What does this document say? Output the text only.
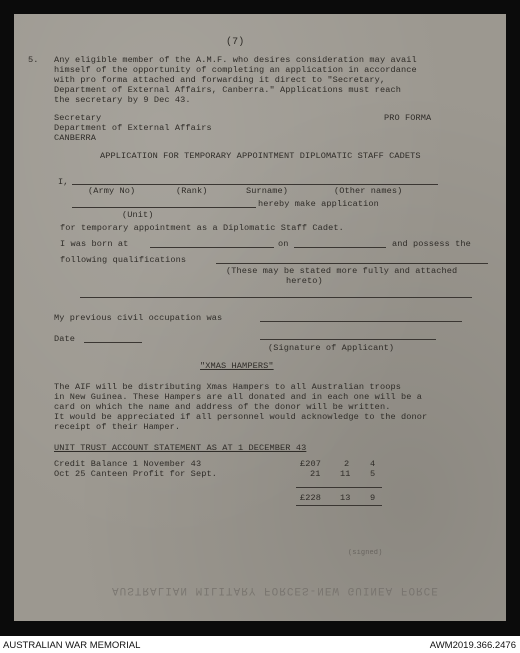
(7)
5. Any eligible member of the A.M.F. who desires consideration may avail
himself of the opportunity of completing an application in accordance
with pro forma attached and forwarding it direct to "Secretary,
Department of External Affairs, Canberra." Applications must reach
the secretary by 9 Dec 43.
Secretary
Department of External Affairs
CANBERRA
PRO FORMA
APPLICATION FOR TEMPORARY APPOINTMENT DIPLOMATIC STAFF CADETS
I,
(Army No)	(Rank)	Surname)	(Other names)
hereby make application
(Unit)
for temporary appointment as a Diplomatic Staff Cadet.
I was born at	on	and possess the
following qualifications
(These may be stated more fully and attached
hereto)
My previous civil occupation was
Date
(Signature of Applicant)
"XMAS HAMPERS"
The AIF will be distributing Xmas Hampers to all Australian troops
in New Guinea. These Hampers are all donated and in each one will be a
card on which the name and address of the donor will be written.
It would be appreciated if all personnel would acknowledge to the donor
receipt of their Hamper.
UNIT TRUST ACCOUNT STATEMENT AS AT 1 DECEMBER 43
Credit Balance 1 November 43	£207	2 4
Oct 25 Canteen Profit for Sept.	21 11 5
£228 13 9
(signed)
AUSTRALIAN MILITARY FORCES-NEW GUINEA FORCE
AUSTRALIAN WAR MEMORIAL	AWM2019.366.2476
